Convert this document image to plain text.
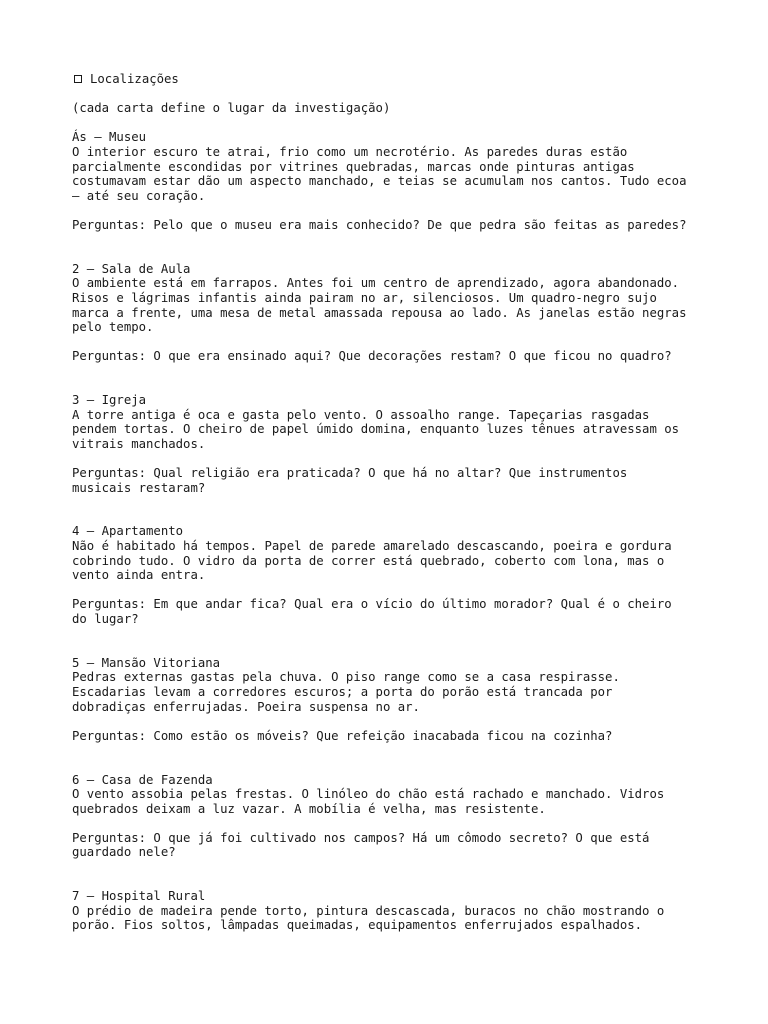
Localizações
(cada carta define o lugar da investigação)
Ás – Museu
O interior escuro te atrai, frio como um necrotério. As paredes duras estão
parcialmente escondidas por vitrines quebradas, marcas onde pinturas antigas
costumavam estar dão um aspecto manchado, e teias se acumulam nos cantos. Tudo ecoa
– até seu coração.
Perguntas: Pelo que o museu era mais conhecido? De que pedra são feitas as paredes?
2 – Sala de Aula
O ambiente está em farrapos. Antes foi um centro de aprendizado, agora abandonado.
Risos e lágrimas infantis ainda pairam no ar, silenciosos. Um quadro-negro sujo
marca a frente, uma mesa de metal amassada repousa ao lado. As janelas estão negras
pelo tempo.
Perguntas: O que era ensinado aqui? Que decorações restam? O que ficou no quadro?
3 – Igreja
A torre antiga é oca e gasta pelo vento. O assoalho range. Tapeçarias rasgadas
pendem tortas. O cheiro de papel úmido domina, enquanto luzes tênues atravessam os
vitrais manchados.
Perguntas: Qual religião era praticada? O que há no altar? Que instrumentos
musicais restaram?
4 – Apartamento
Não é habitado há tempos. Papel de parede amarelado descascando, poeira e gordura
cobrindo tudo. O vidro da porta de correr está quebrado, coberto com lona, mas o
vento ainda entra.
Perguntas: Em que andar fica? Qual era o vício do último morador? Qual é o cheiro
do lugar?
5 – Mansão Vitoriana
Pedras externas gastas pela chuva. O piso range como se a casa respirasse.
Escadarias levam a corredores escuros; a porta do porão está trancada por
dobradiças enferrujadas. Poeira suspensa no ar.
Perguntas: Como estão os móveis? Que refeição inacabada ficou na cozinha?
6 – Casa de Fazenda
O vento assobia pelas frestas. O linóleo do chão está rachado e manchado. Vidros
quebrados deixam a luz vazar. A mobília é velha, mas resistente.
Perguntas: O que já foi cultivado nos campos? Há um cômodo secreto? O que está
guardado nele?
7 – Hospital Rural
O prédio de madeira pende torto, pintura descascada, buracos no chão mostrando o
porão. Fios soltos, lâmpadas queimadas, equipamentos enferrujados espalhados.
